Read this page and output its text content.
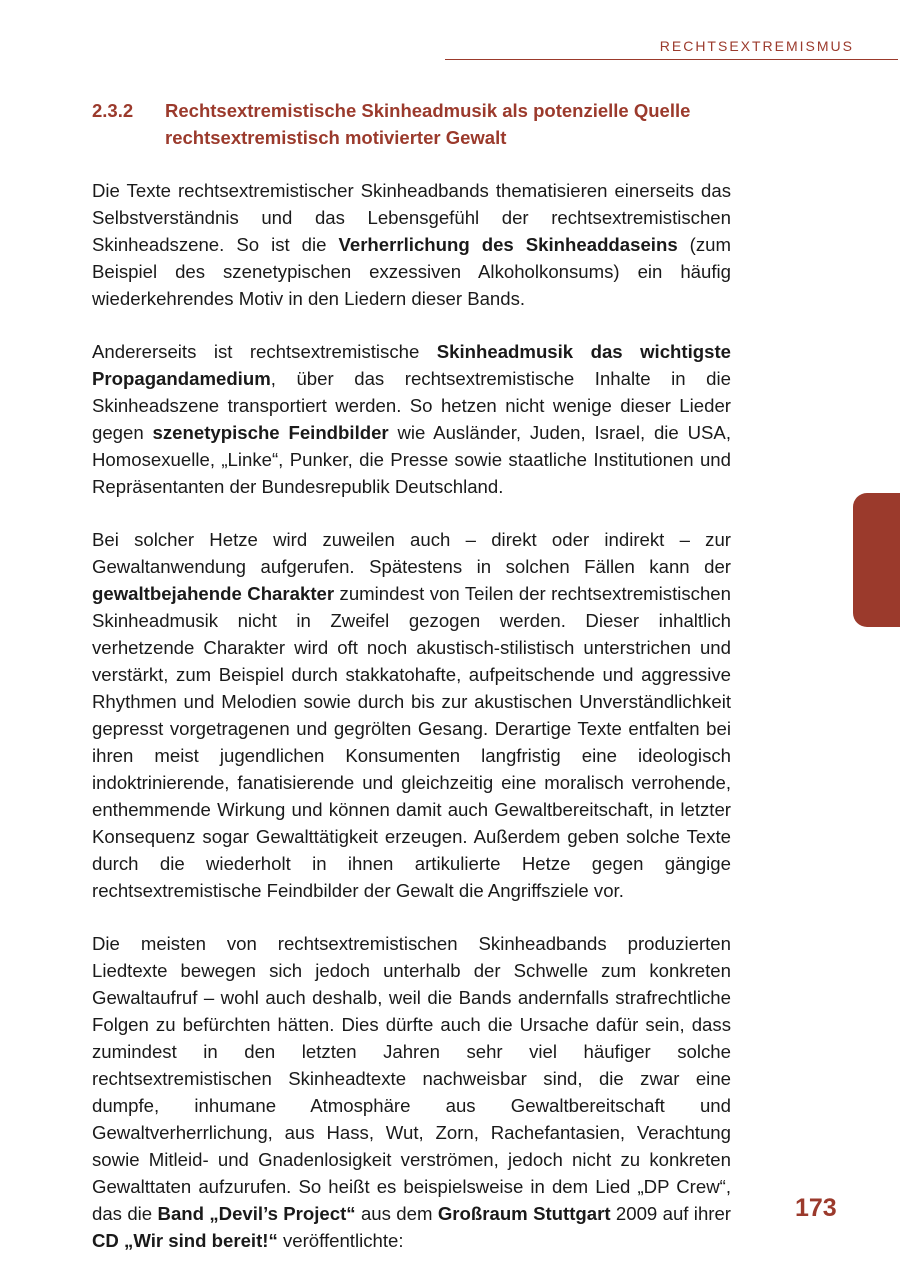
RECHTSEXTREMISMUS
2.3.2	Rechtsextremistische Skinheadmusik als potenzielle Quelle rechtsextremistisch motivierter Gewalt

Die Texte rechtsextremistischer Skinheadbands thematisieren einerseits das Selbstverständnis und das Lebensgefühl der rechtsextremistischen Skinheadszene. So ist die Verherrlichung des Skinheaddaseins (zum Beispiel des szenetypischen exzessiven Alkoholkonsums) ein häufig wiederkehrendes Motiv in den Liedern dieser Bands.

Andererseits ist rechtsextremistische Skinheadmusik das wichtigste Propagandamedium, über das rechtsextremistische Inhalte in die Skinheadszene transportiert werden. So hetzen nicht wenige dieser Lieder gegen szenetypische Feindbilder wie Ausländer, Juden, Israel, die USA, Homosexuelle, „Linke“, Punker, die Presse sowie staatliche Institutionen und Repräsentanten der Bundesrepublik Deutschland.

Bei solcher Hetze wird zuweilen auch – direkt oder indirekt – zur Gewaltanwendung aufgerufen. Spätestens in solchen Fällen kann der gewaltbejahende Charakter zumindest von Teilen der rechtsextremistischen Skinheadmusik nicht in Zweifel gezogen werden. Dieser inhaltlich verhetzende Charakter wird oft noch akustisch-stilistisch unterstrichen und verstärkt, zum Beispiel durch stakkatohafte, aufpeitschende und aggressive Rhythmen und Melodien sowie durch bis zur akustischen Unverständlichkeit gepresst vorgetragenen und gegrölten Gesang. Derartige Texte entfalten bei ihren meist jugendlichen Konsumenten langfristig eine ideologisch indoktrinierende, fanatisierende und gleichzeitig eine moralisch verrohende, enthemmende Wirkung und können damit auch Gewaltbereitschaft, in letzter Konsequenz sogar Gewalttätigkeit erzeugen. Außerdem geben solche Texte durch die wiederholt in ihnen artikulierte Hetze gegen gängige rechtsextremistische Feindbilder der Gewalt die Angriffsziele vor.

Die meisten von rechtsextremistischen Skinheadbands produzierten Liedtexte bewegen sich jedoch unterhalb der Schwelle zum konkreten Gewaltaufruf – wohl auch deshalb, weil die Bands andernfalls strafrechtliche Folgen zu befürchten hätten. Dies dürfte auch die Ursache dafür sein, dass zumindest in den letzten Jahren sehr viel häufiger solche rechtsextremistischen Skinheadtexte nachweisbar sind, die zwar eine dumpfe, inhumane Atmosphäre aus Gewaltbereitschaft und Gewaltverherrlichung, aus Hass, Wut, Zorn, Rachefantasien, Verachtung sowie Mitleid- und Gnadenlosigkeit verströmen, jedoch nicht zu konkreten Gewalttaten aufzurufen. So heißt es beispielsweise in dem Lied „DP Crew“, das die Band „Devil’s Project“ aus dem Großraum Stuttgart 2009 auf ihrer CD „Wir sind bereit!“ veröffentlichte:

173
